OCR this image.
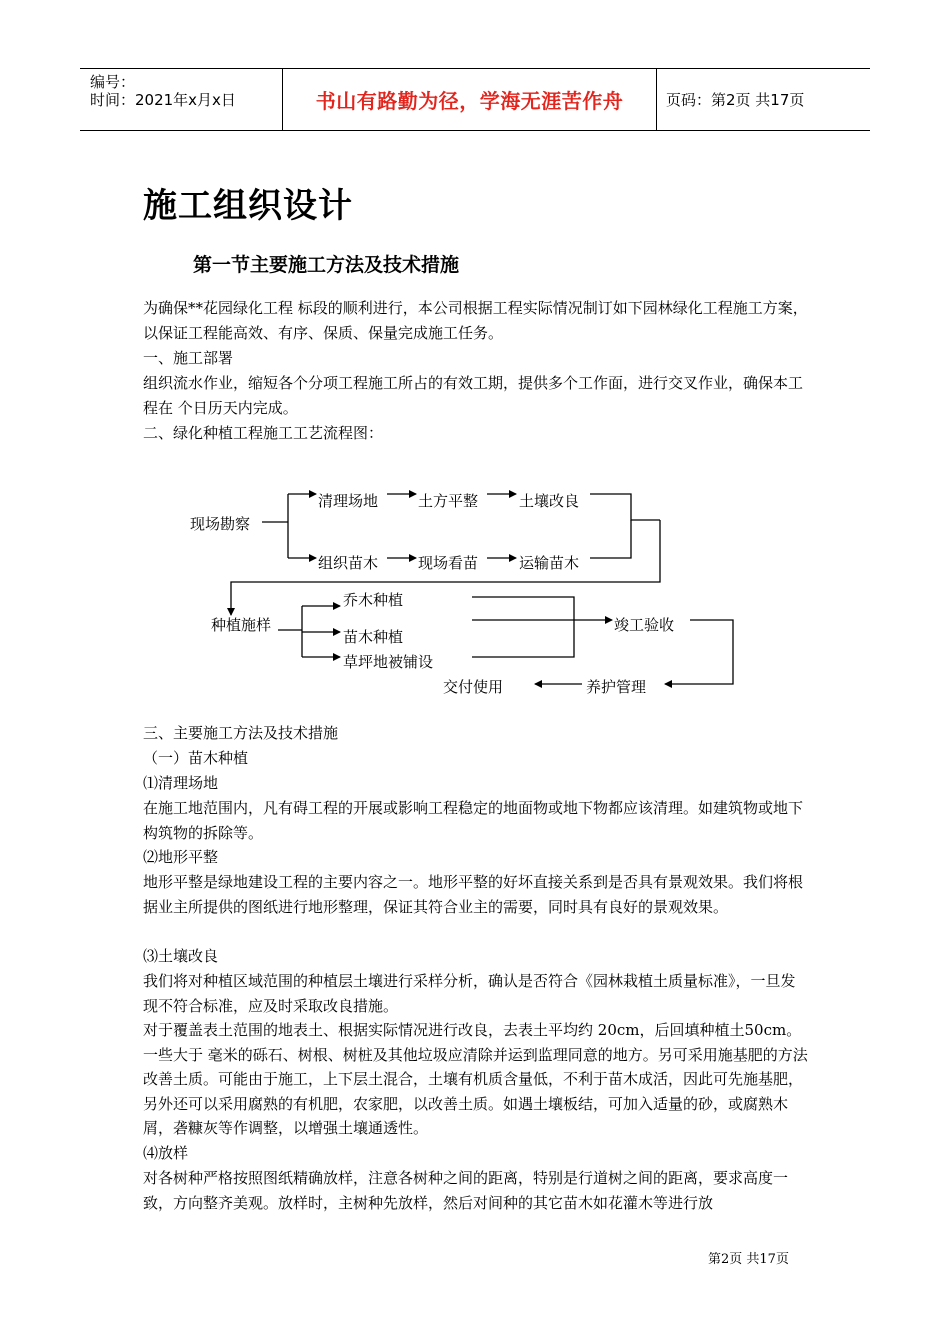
编号：
时间：2021年x月x日	书山有路勤为径，学海无涯苦作舟	页码：第2页 共17页
施工组织设计
第一节主要施工方法及技术措施
为确保**花园绿化工程 标段的顺利进行，本公司根据工程实际情况制订如下园林绿化工程施工方案，以保证工程能高效、有序、保质、保量完成施工任务。
一、施工部署
组织流水作业，缩短各个分项工程施工所占的有效工期，提供多个工作面，进行交叉作业，确保本工程在 个日历天内完成。
二、绿化种植工程施工工艺流程图：
现场勘察
清理场地	土方平整	土壤改良
组织苗木	现场看苗	运输苗木
种植施样
乔木种植
苗木种植
草坪地被铺设
竣工验收
养护管理
交付使用
三、主要施工方法及技术措施
（一）苗木种植
⑴清理场地
在施工地范围内，凡有碍工程的开展或影响工程稳定的地面物或地下物都应该清理。如建筑物或地下构筑物的拆除等。
⑵地形平整
地形平整是绿地建设工程的主要内容之一。地形平整的好坏直接关系到是否具有景观效果。我们将根据业主所提供的图纸进行地形整理，保证其符合业主的需要，同时具有良好的景观效果。
⑶土壤改良
我们将对种植区域范围的种植层土壤进行采样分析，确认是否符合《园林栽植土质量标准》，一旦发现不符合标准，应及时采取改良措施。
对于覆盖表土范围的地表土、根据实际情况进行改良，去表土平均约 20cm，后回填种植土50cm。一些大于 毫米的砾石、树根、树桩及其他垃圾应清除并运到监理同意的地方。另可采用施基肥的方法改善土质。可能由于施工，上下层土混合，土壤有机质含量低，不利于苗木成活，因此可先施基肥，另外还可以采用腐熟的有机肥，农家肥，以改善土质。如遇土壤板结，可加入适量的砂，或腐熟木屑，砻糠灰等作调整，以增强土壤通透性。
⑷放样
对各树种严格按照图纸精确放样，注意各树种之间的距离，特别是行道树之间的距离，要求高度一致，方向整齐美观。放样时，主树种先放样，然后对间种的其它苗木如花灌木等进行放
第2页 共17页
